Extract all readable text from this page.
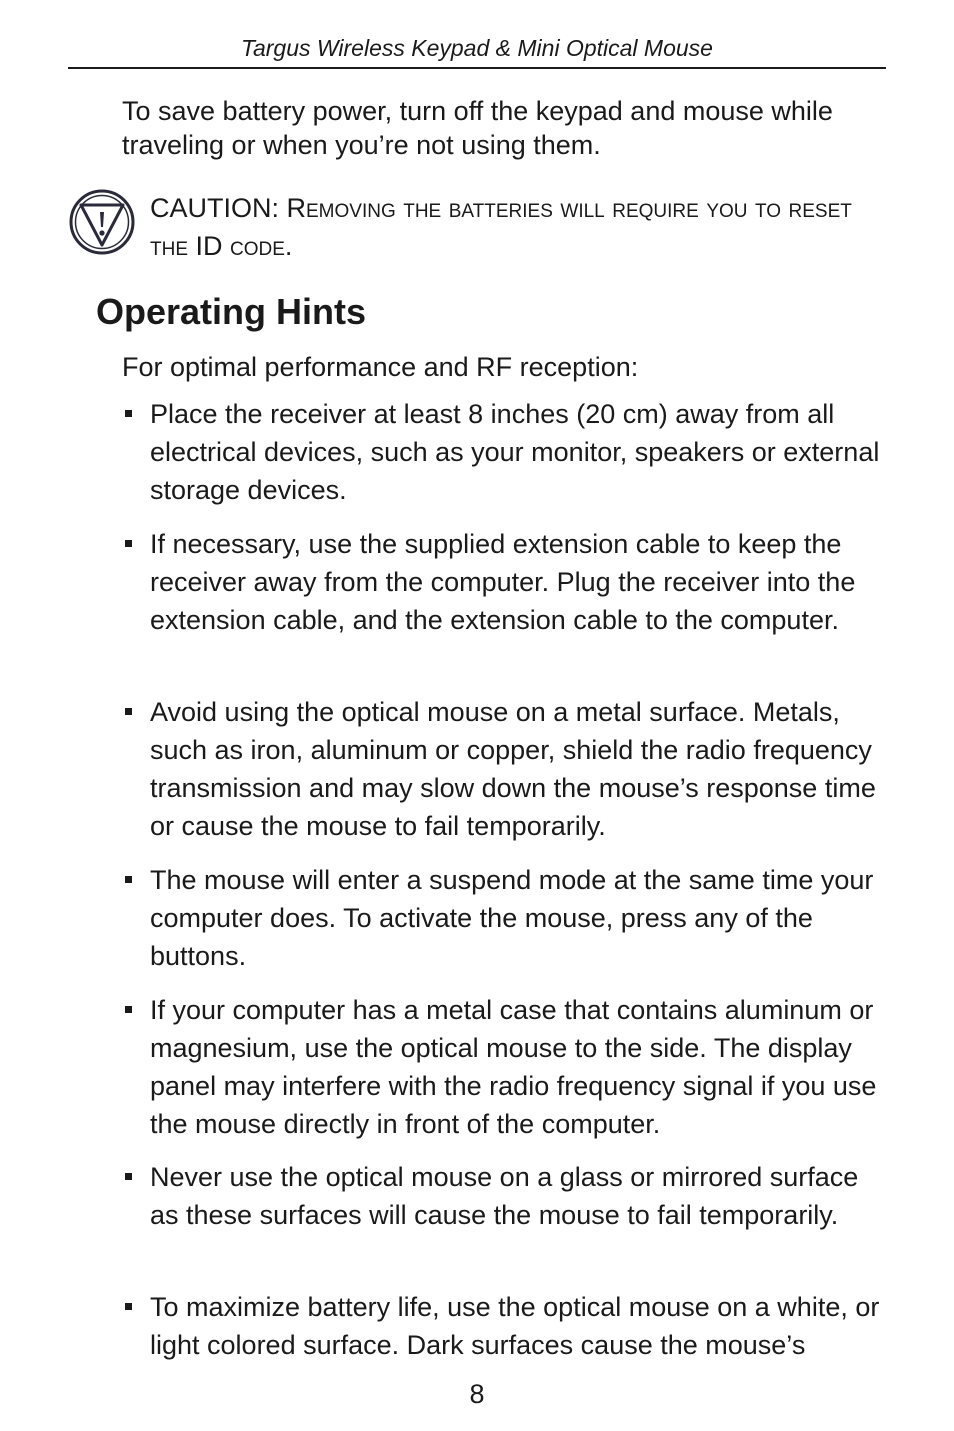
Targus Wireless Keypad & Mini Optical Mouse

To save battery power, turn off the keypad and mouse while traveling or when you’re not using them.

CAUTION: Removing the batteries will require you to reset the ID code.

Operating Hints

For optimal performance and RF reception:

Place the receiver at least 8 inches (20 cm) away from all electrical devices, such as your monitor, speakers or external storage devices.
If necessary, use the supplied extension cable to keep the receiver away from the computer. Plug the receiver into the extension cable, and the extension cable to the computer.
Avoid using the optical mouse on a metal surface. Metals, such as iron, aluminum or copper, shield the radio frequency transmission and may slow down the mouse’s response time or cause the mouse to fail temporarily.
The mouse will enter a suspend mode at the same time your computer does. To activate the mouse, press any of the buttons.
If your computer has a metal case that contains aluminum or magnesium, use the optical mouse to the side. The display panel may interfere with the radio frequency signal if you use the mouse directly in front of the computer.
Never use the optical mouse on a glass or mirrored surface as these surfaces will cause the mouse to fail temporarily.
To maximize battery life, use the optical mouse on a white, or light colored surface. Dark surfaces cause the mouse’s
8
